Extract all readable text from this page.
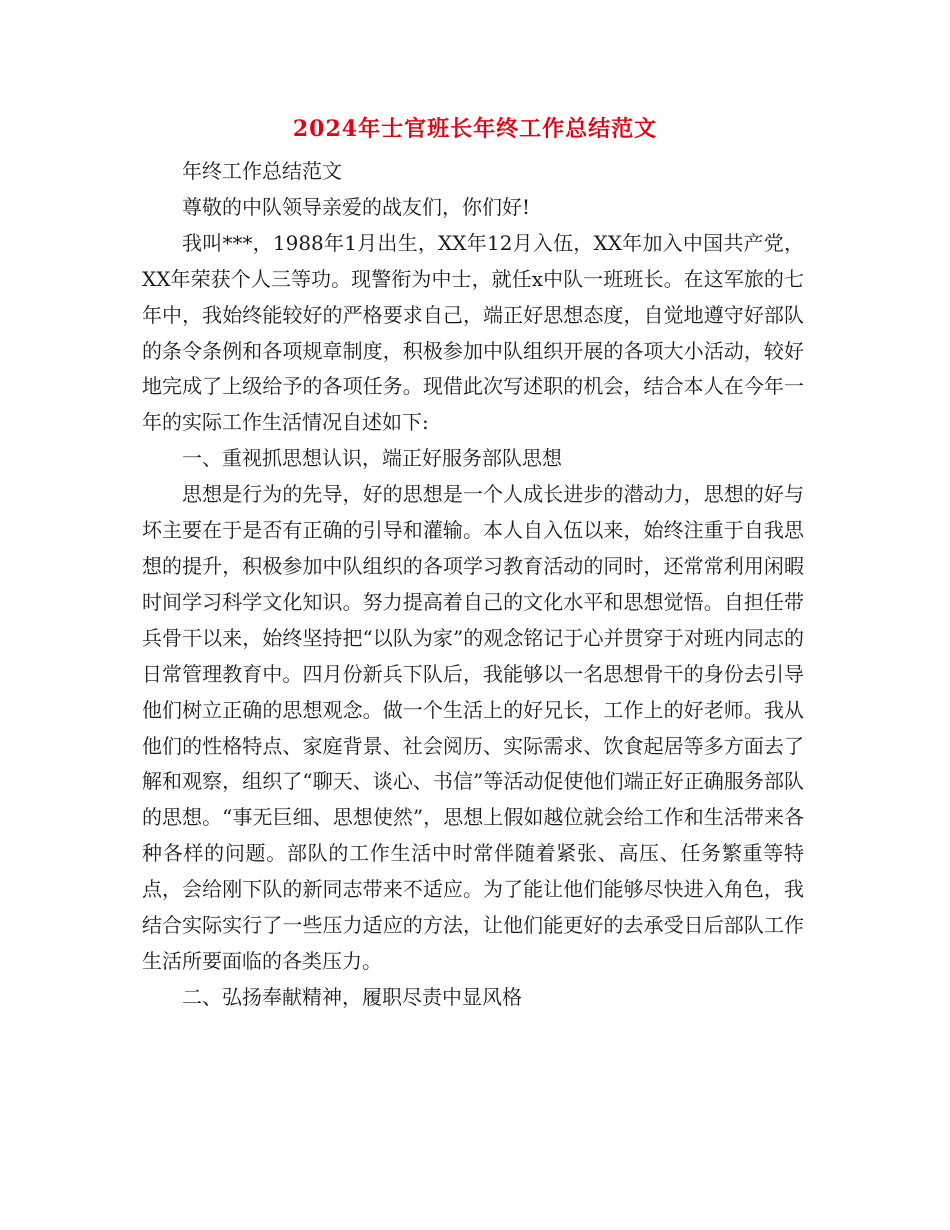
2024年士官班长年终工作总结范文

年终工作总结范文

尊敬的中队领导亲爱的战友们，你们好!

我叫***，1988年1月出生，XX年12月入伍，XX年加入中国共产党，XX年荣获个人三等功。现警衔为中士，就任x中队一班班长。在这军旅的七年中，我始终能较好的严格要求自己，端正好思想态度，自觉地遵守好部队的条令条例和各项规章制度，积极参加中队组织开展的各项大小活动，较好地完成了上级给予的各项任务。现借此次写述职的机会，结合本人在今年一年的实际工作生活情况自述如下:

一、重视抓思想认识，端正好服务部队思想

思想是行为的先导，好的思想是一个人成长进步的潜动力，思想的好与坏主要在于是否有正确的引导和灌输。本人自入伍以来，始终注重于自我思想的提升，积极参加中队组织的各项学习教育活动的同时，还常常利用闲暇时间学习科学文化知识。努力提高着自己的文化水平和思想觉悟。自担任带兵骨干以来，始终坚持把“以队为家”的观念铭记于心并贯穿于对班内同志的日常管理教育中。四月份新兵下队后，我能够以一名思想骨干的身份去引导他们树立正确的思想观念。做一个生活上的好兄长，工作上的好老师。我从他们的性格特点、家庭背景、社会阅历、实际需求、饮食起居等多方面去了解和观察，组织了“聊天、谈心、书信”等活动促使他们端正好正确服务部队的思想。“事无巨细、思想使然”，思想上假如越位就会给工作和生活带来各种各样的问题。部队的工作生活中时常伴随着紧张、高压、任务繁重等特点，会给刚下队的新同志带来不适应。为了能让他们能够尽快进入角色，我结合实际实行了一些压力适应的方法，让他们能更好的去承受日后部队工作生活所要面临的各类压力。

二、弘扬奉献精神，履职尽责中显风格
